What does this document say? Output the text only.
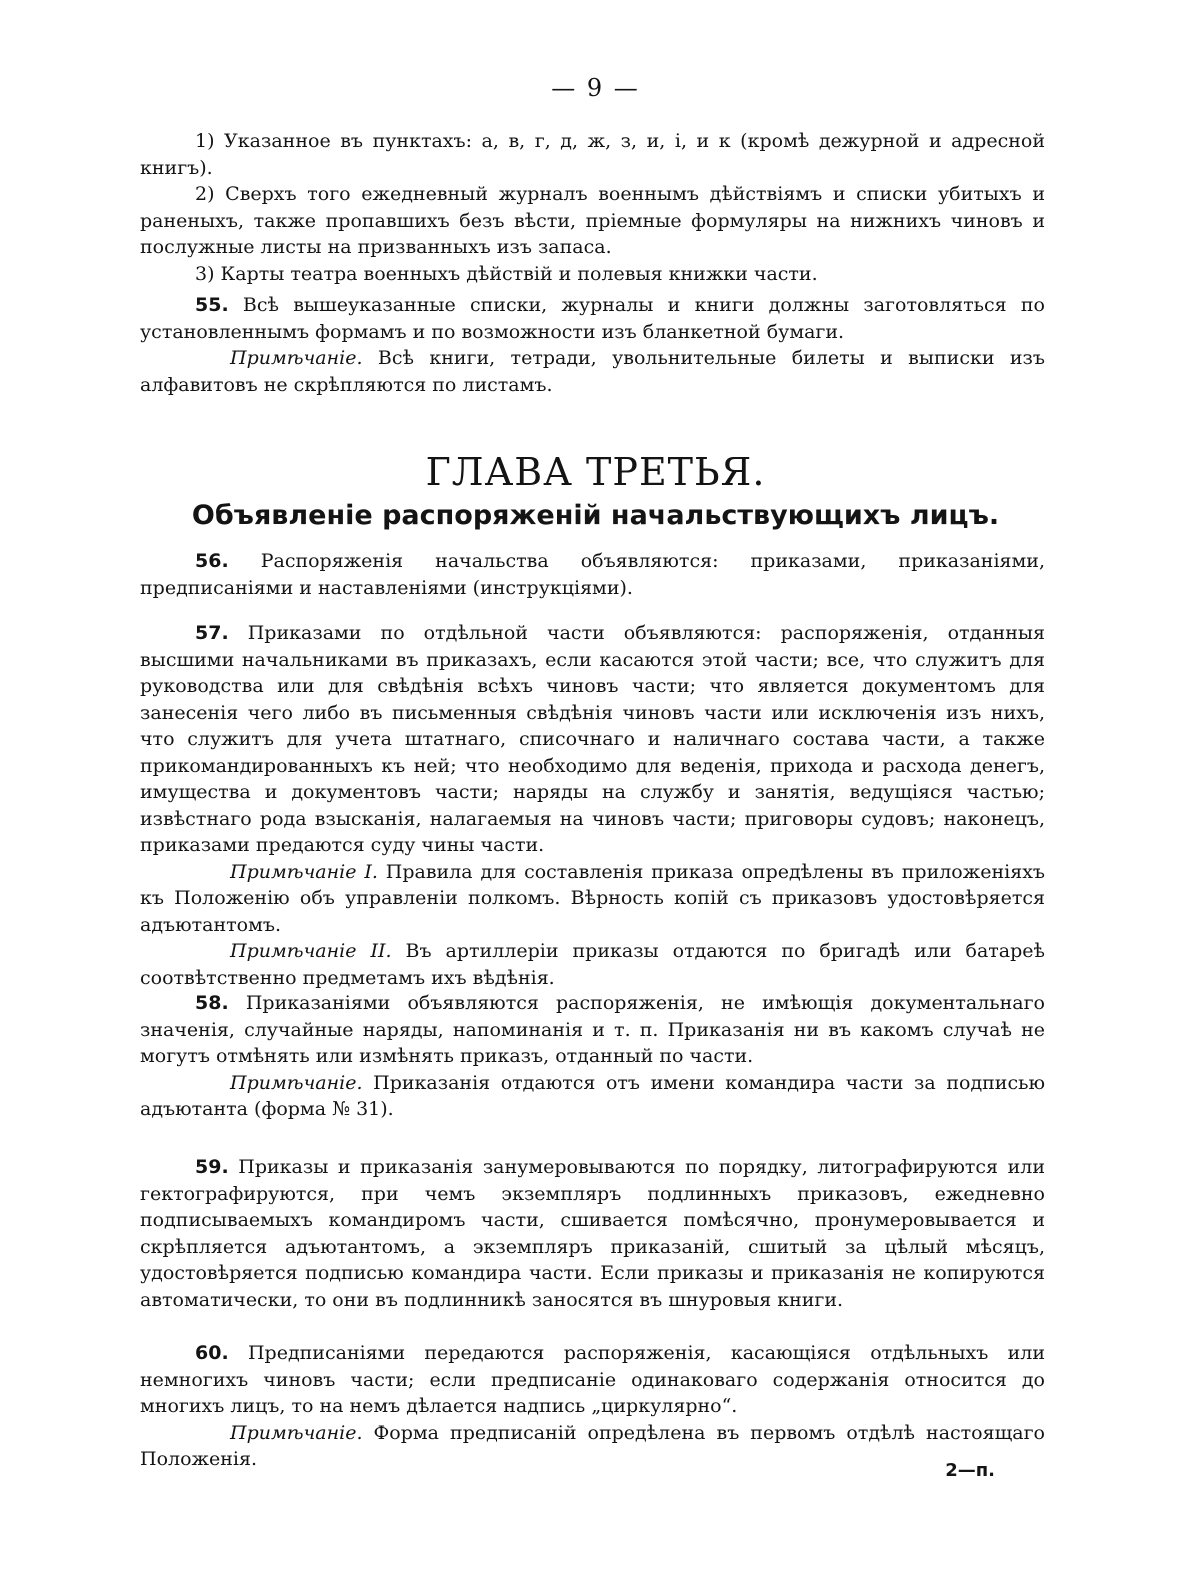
— 9 —

1) Указанное въ пунктахъ: а, в, г, д, ж, з, и, і, и к (кромѣ дежурной и адресной книгъ).

2) Сверхъ того ежедневный журналъ военнымъ дѣйствіямъ и списки убитыхъ и раненыхъ, также пропавшихъ безъ вѣсти, пріемные формуляры на нижнихъ чиновъ и послужные листы на призванныхъ изъ запаса.

3) Карты театра военныхъ дѣйствій и полевыя книжки части.

55. Всѣ вышеуказанные списки, журналы и книги должны заготовляться по установленнымъ формамъ и по возможности изъ бланкетной бумаги.

Примѣчаніе. Всѣ книги, тетради, увольнительные билеты и выписки изъ алфавитовъ не скрѣпляются по листамъ.

ГЛАВА ТРЕТЬЯ.
Объявленіе распоряженій начальствующихъ лицъ.

56. Распоряженія начальства объявляются: приказами, приказаніями, предписаніями и наставленіями (инструкціями).

57. Приказами по отдѣльной части объявляются: распоряженія, отданныя высшими начальниками въ приказахъ, если касаются этой части; все, что служитъ для руководства или для свѣдѣнія всѣхъ чиновъ части; что является документомъ для занесенія чего либо въ письменныя свѣдѣнія чиновъ части или исключенія изъ нихъ, что служитъ для учета штатнаго, списочнаго и наличнаго состава части, а также прикомандированныхъ къ ней; что необходимо для веденія, прихода и расхода денегъ, имущества и документовъ части; наряды на службу и занятія, ведущіяся частью; извѣстнаго рода взысканія, налагаемыя на чиновъ части; приговоры судовъ; наконецъ, приказами предаются суду чины части.

Примѣчаніе I. Правила для составленія приказа опредѣлены въ приложеніяхъ къ Положенію объ управленіи полкомъ. Вѣрность копій съ приказовъ удостовѣряется адъютантомъ.

Примѣчаніе II. Въ артиллеріи приказы отдаются по бригадѣ или батареѣ соотвѣтственно предметамъ ихъ вѣдѣнія.

58. Приказаніями объявляются распоряженія, не имѣющія документальнаго значенія, случайные наряды, напоминанія и т. п. Приказанія ни въ какомъ случаѣ не могутъ отмѣнять или измѣнять приказъ, отданный по части.

Примѣчаніе. Приказанія отдаются отъ имени командира части за подписью адъютанта (форма № 31).

59. Приказы и приказанія занумеровываются по порядку, литографируются или гектографируются, при чемъ экземпляръ подлинныхъ приказовъ, ежедневно подписываемыхъ командиромъ части, сшивается помѣсячно, пронумеровывается и скрѣпляется адъютантомъ, а экземпляръ приказаній, сшитый за цѣлый мѣсяцъ, удостовѣряется подписью командира части. Если приказы и приказанія не копируются автоматически, то они въ подлинникѣ заносятся въ шнуровыя книги.

60. Предписаніями передаются распоряженія, касающіяся отдѣльныхъ или немногихъ чиновъ части; если предписаніе одинаковаго содержанія относится до многихъ лицъ, то на немъ дѣлается надпись „циркулярно“.

Примѣчаніе. Форма предписаній опредѣлена въ первомъ отдѣлѣ настоящаго Положенія.

2—п.
